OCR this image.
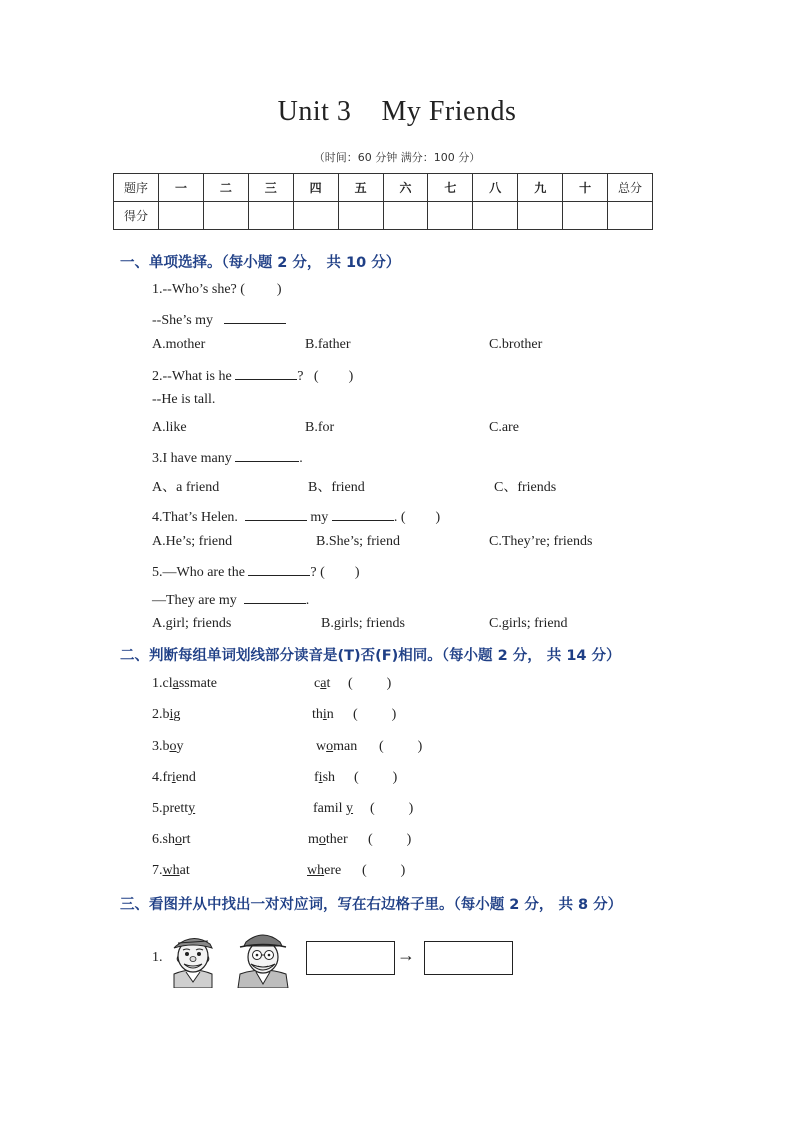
Unit 3 My Friends
（时间：60 分钟 满分：100 分）
题序	一	二	三	四	五	六	七	八	九	十	总分
得分											
一、单项选择。（每小题 2 分， 共 10 分）
1.--Who’s she? ( )
--She’s my
A.mother	B.father	C.brother
2.--What is he	?   ( )
--He is tall.
A.like	B.for	C.are
3.I have many	.
A、a friend	B、friend	C、friends
4.That’s Helen.	my	. ( )
A.He’s; friend	B.She’s; friend	C.They’re; friends
5.—Who are the	? ( )
—They are my	.
A.girl; friends	B.girls; friends	C.girls; friend
二、判断每组单词划线部分读音是(T)否(F)相同。（每小题 2 分， 共 14 分）
1.classmate	cat ( )
2.big	thin ( )
3.boy	woman ( )
4.friend	fish ( )
5.pretty	famil y ( )
6.short	mother ( )
7.what	where ( )
三、看图并从中找出一对对应词，写在右边格子里。（每小题 2 分， 共 8 分）
1.	→
